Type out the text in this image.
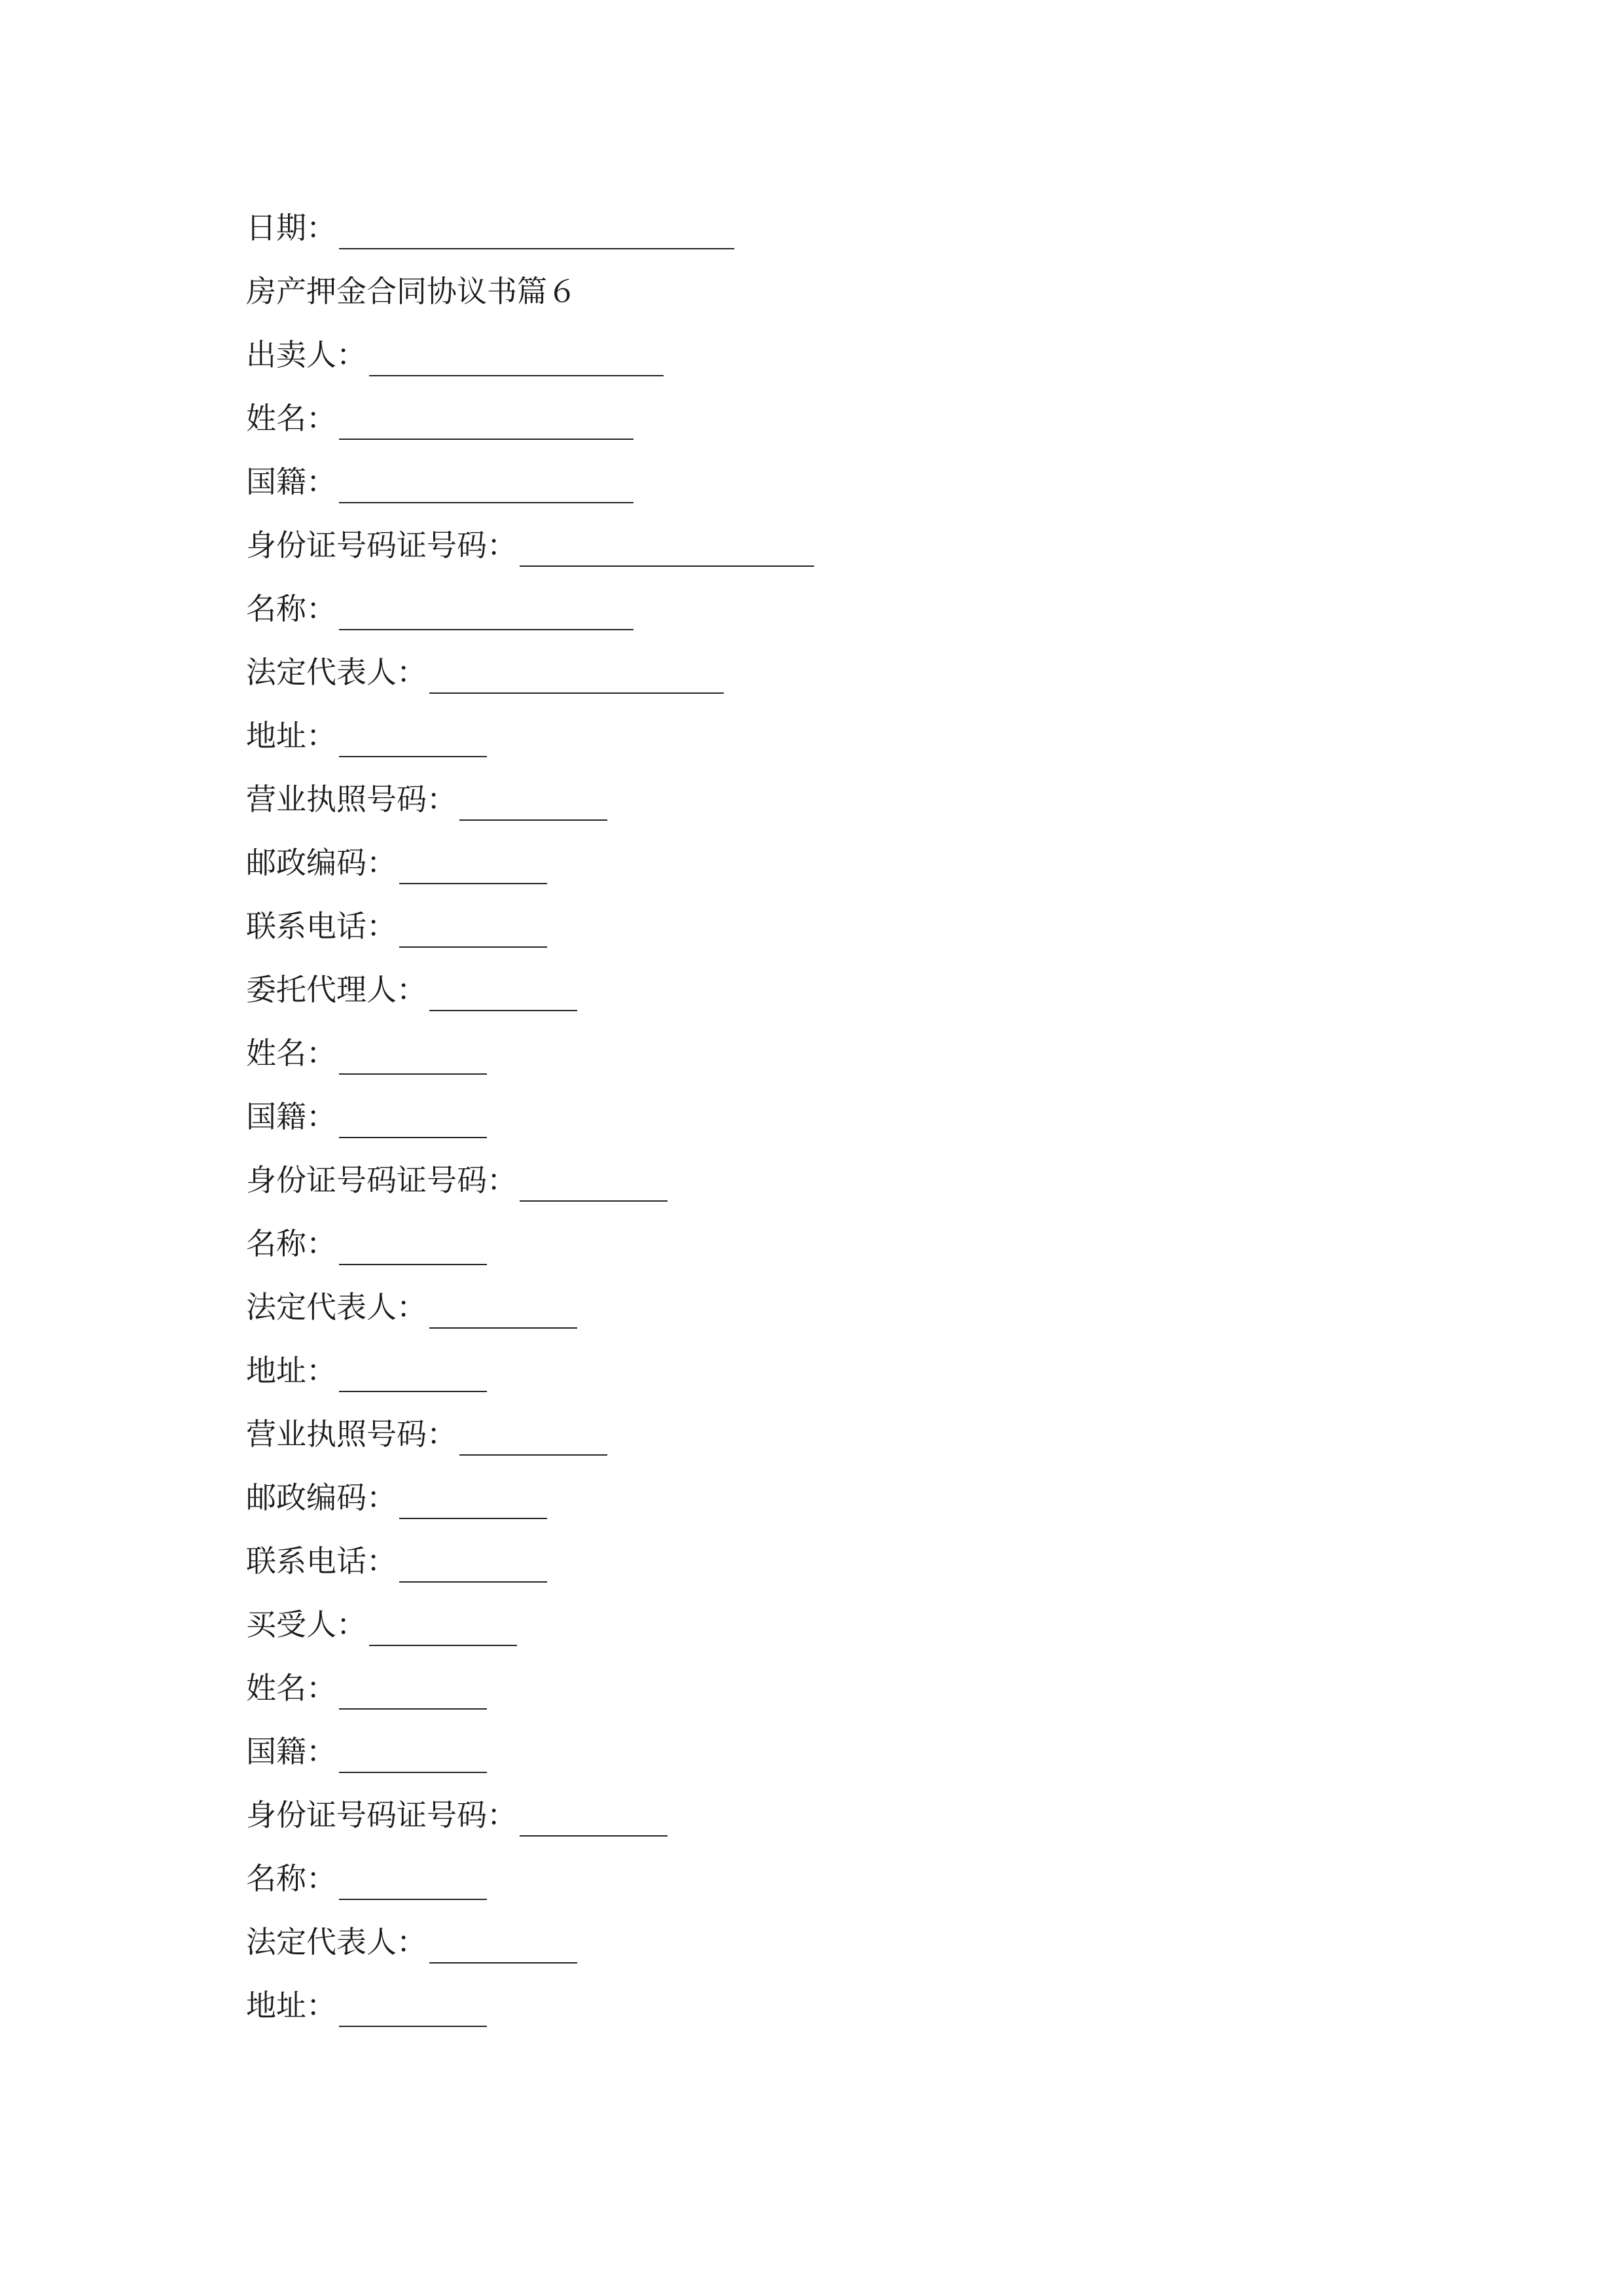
日期：
房产押金合同协议书篇６
出卖人：
姓名：
国籍：
身份证号码证号码：
名称：
法定代表人：
地址：
营业执照号码：
邮政编码：
联系电话：
委托代理人：
姓名：
国籍：
身份证号码证号码：
名称：
法定代表人：
地址：
营业执照号码：
邮政编码：
联系电话：
买受人：
姓名：
国籍：
身份证号码证号码：
名称：
法定代表人：
地址：
